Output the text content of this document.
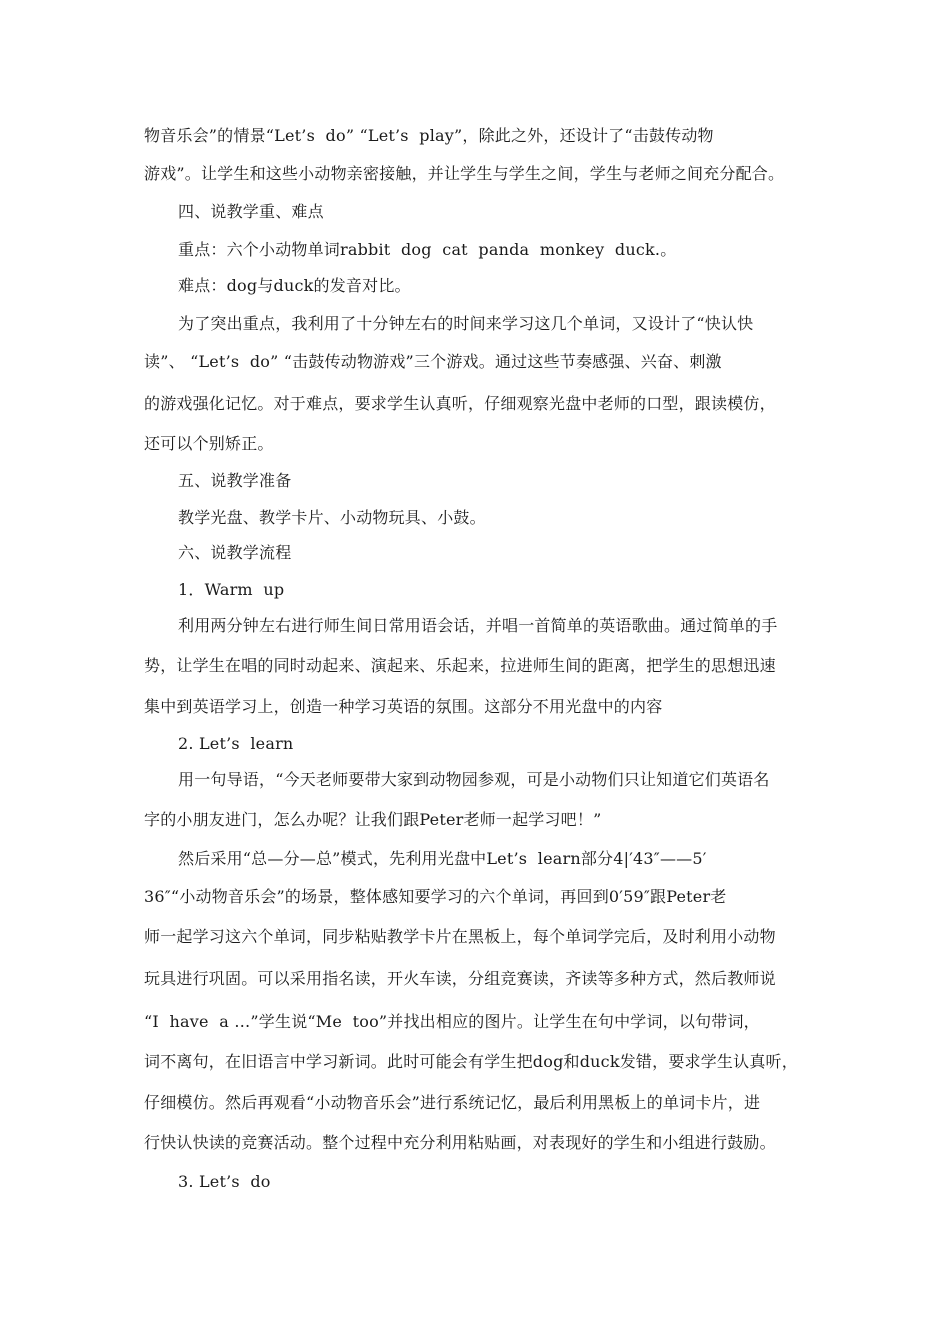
物音乐会”的情景“Let’s  do” “Let’s  play”，除此之外，还设计了“击鼓传动物
游戏”。让学生和这些小动物亲密接触，并让学生与学生之间，学生与老师之间充分配合。
四、说教学重、难点
重点：六个小动物单词rabbit  dog  cat  panda  monkey  duck.。
难点：dog与duck的发音对比。
为了突出重点，我利用了十分钟左右的时间来学习这几个单词，又设计了“快认快
读”、 “Let’s  do” “击鼓传动物游戏”三个游戏。通过这些节奏感强、兴奋、刺激
的游戏强化记忆。对于难点，要求学生认真听，仔细观察光盘中老师的口型，跟读模仿，
还可以个别矫正。
五、说教学准备
教学光盘、教学卡片、小动物玩具、小鼓。
六、说教学流程
1．Warm  up
利用两分钟左右进行师生间日常用语会话，并唱一首简单的英语歌曲。通过简单的手
势，让学生在唱的同时动起来、演起来、乐起来，拉进师生间的距离，把学生的思想迅速
集中到英语学习上，创造一种学习英语的氛围。这部分不用光盘中的内容
2. Let’s  learn
用一句导语，“今天老师要带大家到动物园参观，可是小动物们只让知道它们英语名
字的小朋友进门，怎么办呢？让我们跟Peter老师一起学习吧！”
然后采用“总—分—总”模式，先利用光盘中Let’s  learn部分4|′43″——5′
36″“小动物音乐会”的场景，整体感知要学习的六个单词，再回到0′59″跟Peter老
师一起学习这六个单词，同步粘贴教学卡片在黑板上，每个单词学完后，及时利用小动物
玩具进行巩固。可以采用指名读，开火车读，分组竞赛读，齐读等多种方式，然后教师说
“I  have  a …”学生说“Me  too”并找出相应的图片。让学生在句中学词，以句带词，
词不离句，在旧语言中学习新词。此时可能会有学生把dog和duck发错，要求学生认真听，
仔细模仿。然后再观看“小动物音乐会”进行系统记忆，最后利用黑板上的单词卡片，进
行快认快读的竞赛活动。整个过程中充分利用粘贴画，对表现好的学生和小组进行鼓励。
3. Let’s  do
